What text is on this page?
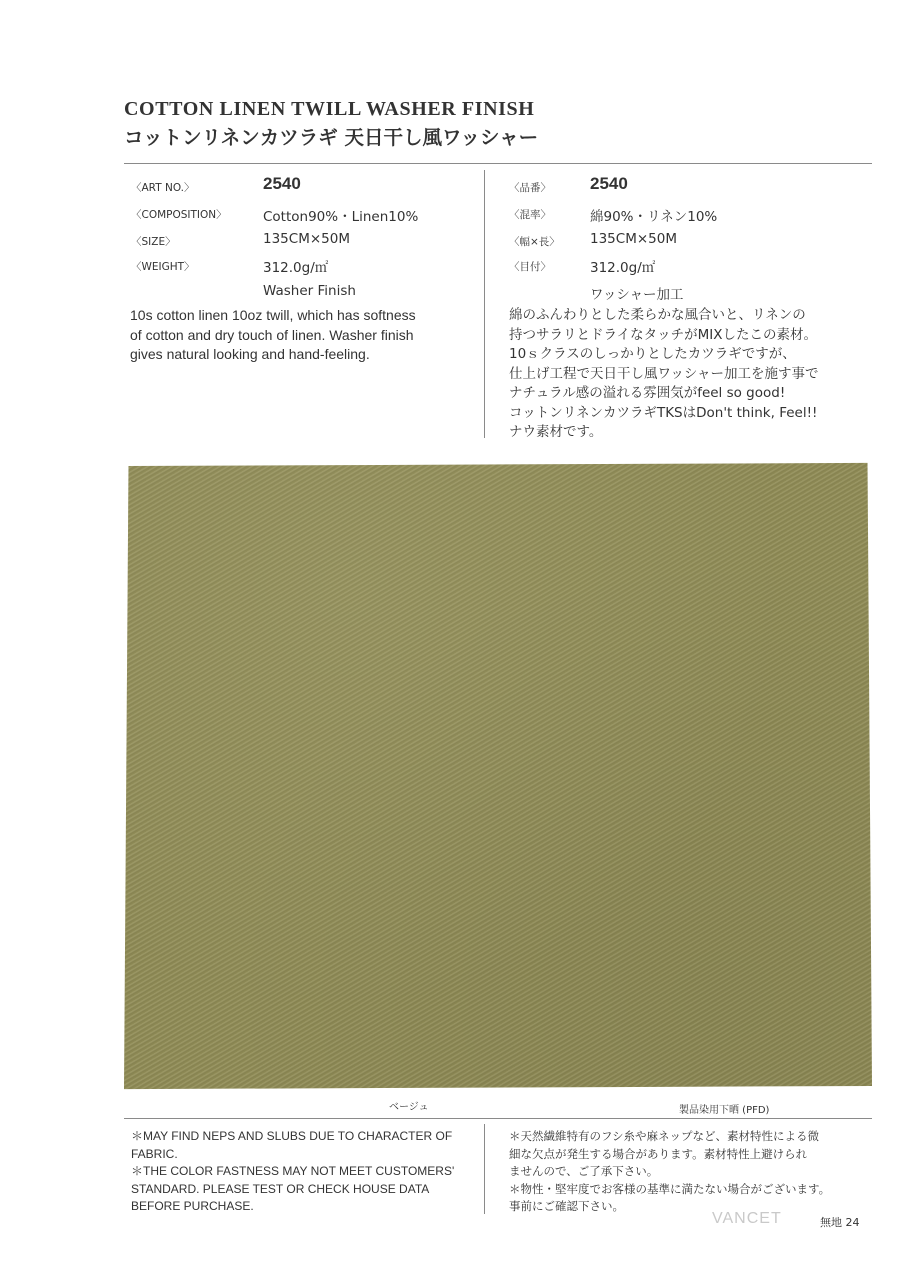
COTTON LINEN TWILL WASHER FINISH
コットンリネンカツラギ 天日干し風ワッシャー
〈ART NO.〉	2540
〈COMPOSITION〉	Cotton90%・Linen10%
〈SIZE〉	135CM×50M
〈WEIGHT〉	312.0g/㎡
Washer Finish
〈品番〉 2540
〈混率〉	綿90%・リネン10%
〈幅×長〉 135CM×50M
〈目付〉	312.0g/㎡
ワッシャー加工
10s cotton linen 10oz twill, which has softness
of cotton and dry touch of linen. Washer finish
gives natural looking and hand-feeling.
綿のふんわりとした柔らかな風合いと、リネンの
持つサラリとドライなタッチがMIXしたこの素材。
10ｓクラスのしっかりとしたカツラギですが、
仕上げ工程で天日干し風ワッシャー加工を施す事で
ナチュラル感の溢れる雰囲気がfeel so good!
コットンリネンカツラギTKSはDon't think, Feel!!
ナウ素材です。
ベージュ	製品染用下晒 (PFD)
＊MAY FIND NEPS AND SLUBS DUE TO CHARACTER OF
FABRIC.
＊THE COLOR FASTNESS MAY NOT MEET CUSTOMERS'
STANDARD. PLEASE TEST OR CHECK HOUSE DATA
BEFORE PURCHASE.
＊天然繊維特有のフシ糸や麻ネップなど、素材特性による微
細な欠点が発生する場合があります。素材特性上避けられ
ませんので、ご了承下さい。
＊物性・堅牢度でお客様の基準に満たない場合がございます。
事前にご確認下さい。
VANCET	無地 24
